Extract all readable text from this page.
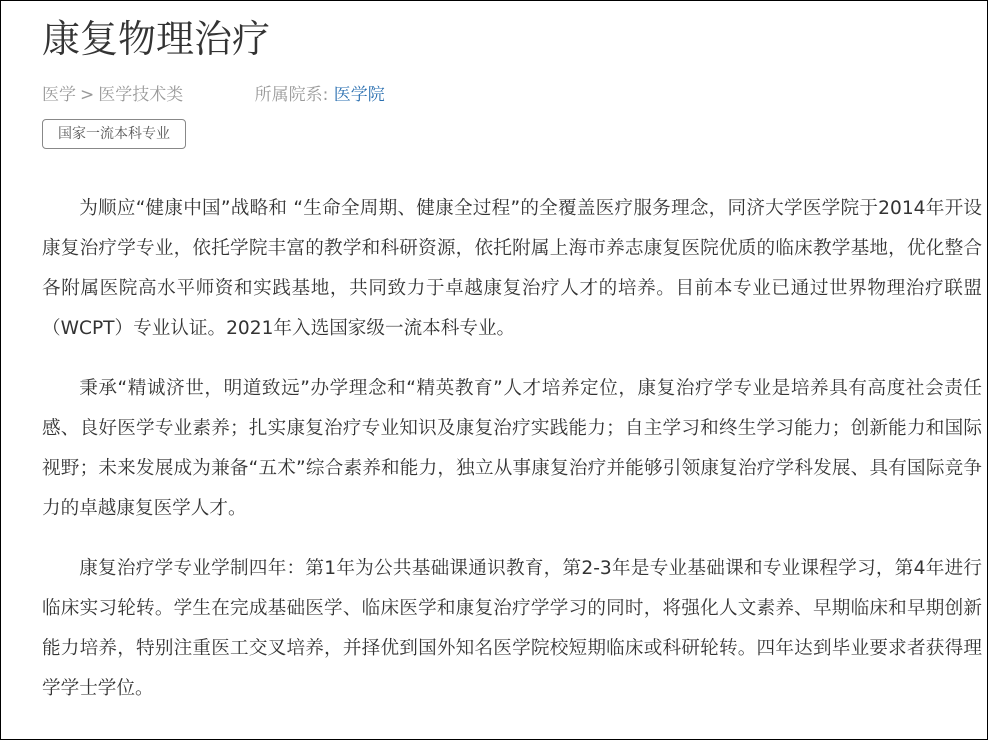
康复物理治疗
医学 > 医学技术类	所属院系: 医学院
国家一流本科专业

为顺应“健康中国”战略和 “生命全周期、健康全过程”的全覆盖医疗服务理念，同济大学医学院于2014年开设康复治疗学专业，依托学院丰富的教学和科研资源，依托附属上海市养志康复医院优质的临床教学基地，优化整合各附属医院高水平师资和实践基地，共同致力于卓越康复治疗人才的培养。目前本专业已通过世界物理治疗联盟（WCPT）专业认证。2021年入选国家级一流本科专业。

秉承“精诚济世，明道致远”办学理念和“精英教育”人才培养定位，康复治疗学专业是培养具有高度社会责任感、良好医学专业素养；扎实康复治疗专业知识及康复治疗实践能力；自主学习和终生学习能力；创新能力和国际视野；未来发展成为兼备“五术”综合素养和能力，独立从事康复治疗并能够引领康复治疗学科发展、具有国际竞争力的卓越康复医学人才。

康复治疗学专业学制四年：第1年为公共基础课通识教育，第2-3年是专业基础课和专业课程学习，第4年进行临床实习轮转。学生在完成基础医学、临床医学和康复治疗学学习的同时，将强化人文素养、早期临床和早期创新能力培养，特别注重医工交叉培养，并择优到国外知名医学院校短期临床或科研轮转。四年达到毕业要求者获得理学学士学位。
